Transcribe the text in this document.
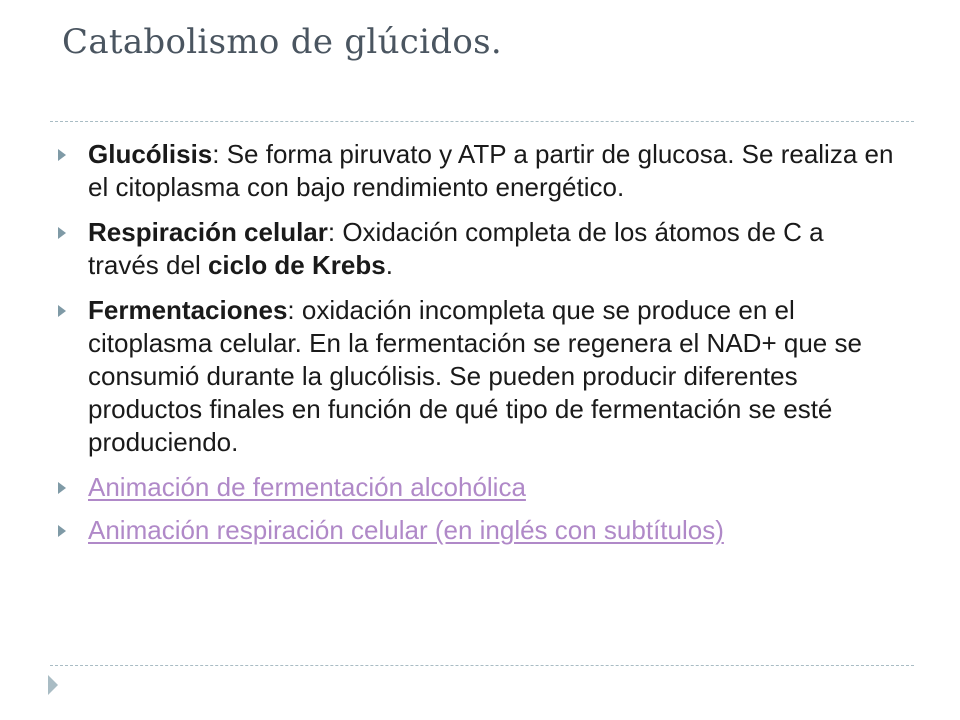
Catabolismo de glúcidos.
Glucólisis: Se forma piruvato y ATP a partir de glucosa. Se realiza en el citoplasma con bajo rendimiento energético.
Respiración celular: Oxidación completa de los átomos de C a través del ciclo de Krebs.
Fermentaciones: oxidación incompleta que se produce en el citoplasma celular. En la fermentación se regenera el NAD+ que se consumió durante la glucólisis. Se pueden producir diferentes productos finales en función de qué tipo de fermentación se esté produciendo.
Animación de fermentación alcohólica
Animación respiración celular (en inglés con subtítulos)
